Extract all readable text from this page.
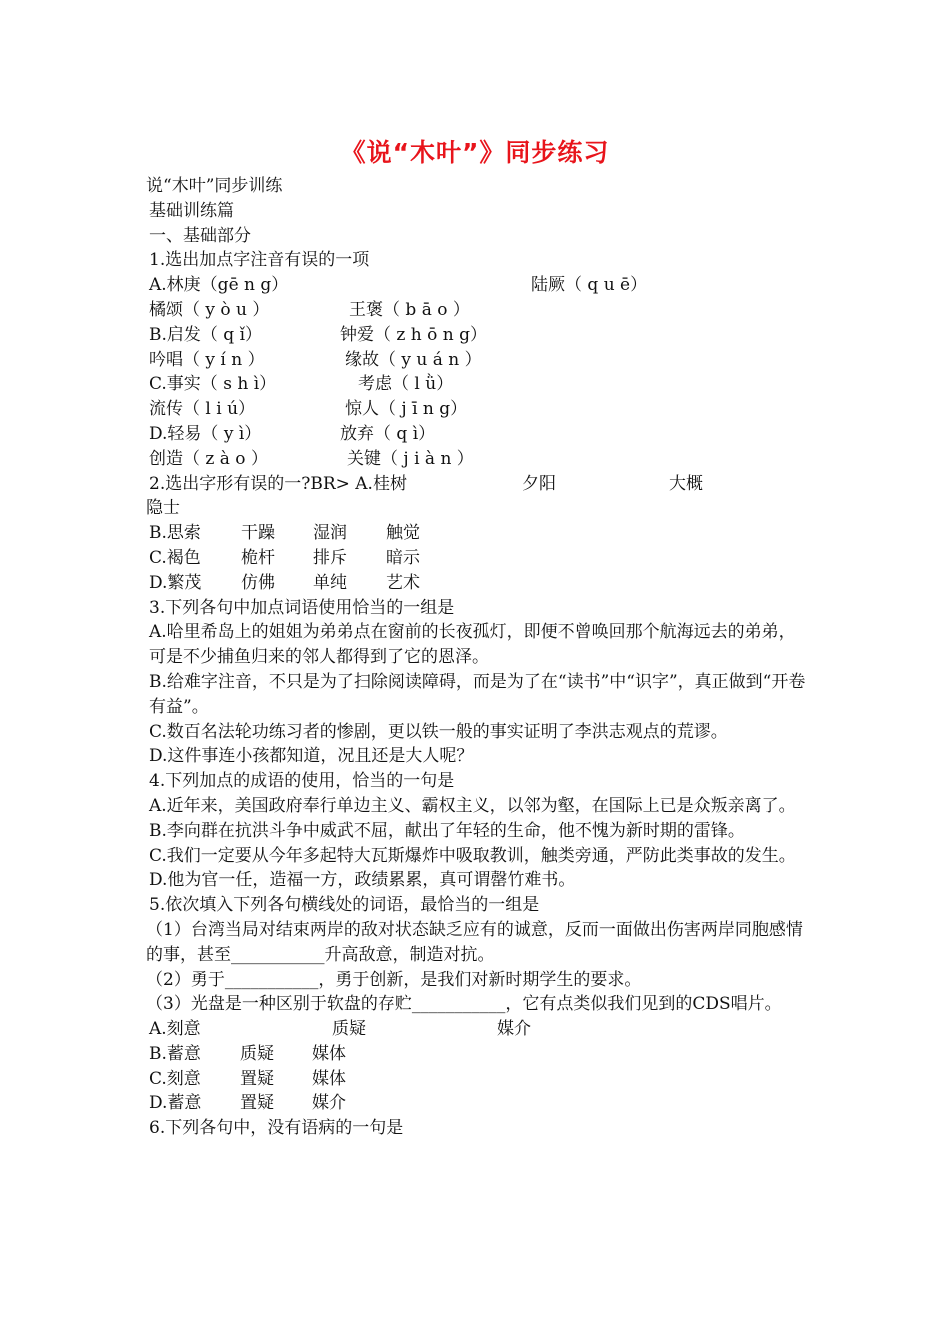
《说“木叶”》同步练习
说“木叶”同步训练
基础训练篇
一、基础部分
1.选出加点字注音有误的一项
A.林庚（gē n g）	陆厥（ q u ē）
橘颂（ y ò u ）	王褒（ b ā o ）
B.启发（ q ǐ）	钟爱（ z h ō n g）
吟唱（ y í n ）	缘故（ y u á n ）
C.事实（ s h ì）	考虑（ l ǜ）
流传（ l i ú）	惊人（ j ī n g）
D.轻易（ y ì）	放弃（ q ì）
创造（ z à o ）	关键（ j i à n ）
2.选出字形有误的一?BR> A.桂树	夕阳	大概
隐士
B.思索 干躁 湿润 触觉
C.褐色 桅杆 排斥 暗示
D.繁茂 仿佛 单纯 艺术
3.下列各句中加点词语使用恰当的一组是
A.哈里希岛上的姐姐为弟弟点在窗前的长夜孤灯，即便不曾唤回那个航海远去的弟弟，可是不少捕鱼归来的邻人都得到了它的恩泽。
B.给难字注音，不只是为了扫除阅读障碍，而是为了在“读书”中“识字”，真正做到“开卷有益”。
C.数百名法轮功练习者的惨剧，更以铁一般的事实证明了李洪志观点的荒谬。
D.这件事连小孩都知道，况且还是大人呢？
4.下列加点的成语的使用，恰当的一句是
A.近年来，美国政府奉行单边主义、霸权主义，以邻为壑，在国际上已是众叛亲离了。
B.李向群在抗洪斗争中威武不屈，献出了年轻的生命，他不愧为新时期的雷锋。
C.我们一定要从今年多起特大瓦斯爆炸中吸取教训，触类旁通，严防此类事故的发生。
D.他为官一任，造福一方，政绩累累，真可谓罄竹难书。
5.依次填入下列各句横线处的词语，最恰当的一组是
（1）台湾当局对结束两岸的敌对状态缺乏应有的诚意，反而一面做出伤害两岸同胞感情的事，甚至___________升高敌意，制造对抗。
（2）勇于___________，勇于创新，是我们对新时期学生的要求。
（3）光盘是一种区别于软盘的存贮___________，它有点类似我们见到的CDS唱片。
A.刻意	质疑	媒介
B.蓄意 质疑 媒体
C.刻意 置疑 媒体
D.蓄意 置疑 媒介
6.下列各句中，没有语病的一句是
